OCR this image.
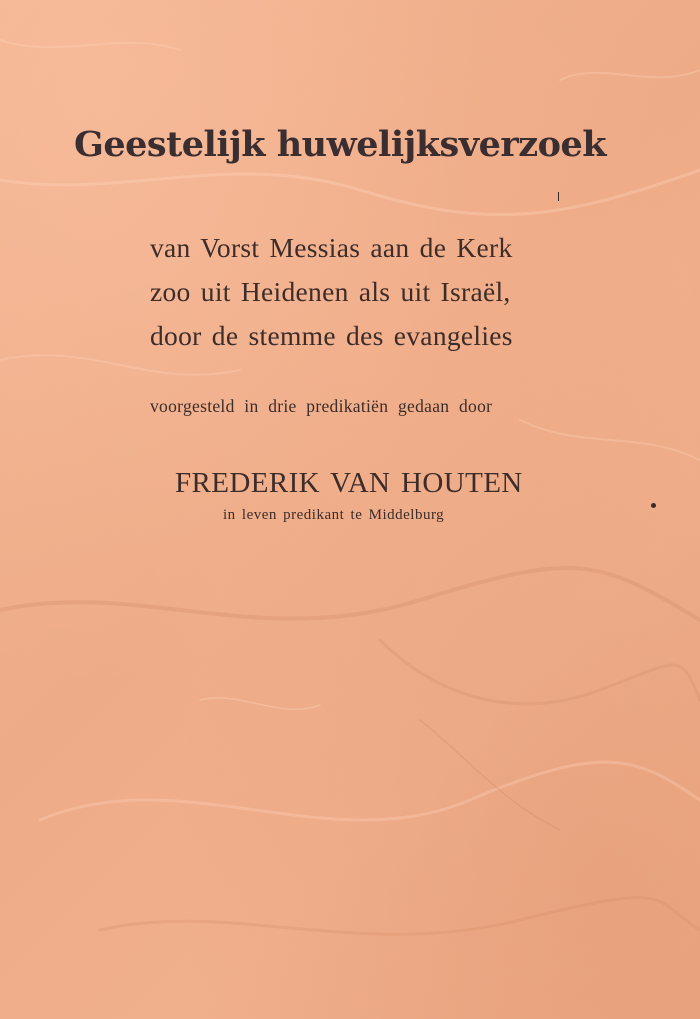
Geestelijk huwelijksverzoek
van Vorst Messias aan de Kerk
zoo uit Heidenen als uit Israël,
door de stemme des evangelies
voorgesteld in drie predikatiën gedaan door
FREDERIK VAN HOUTEN
in leven predikant te Middelburg
